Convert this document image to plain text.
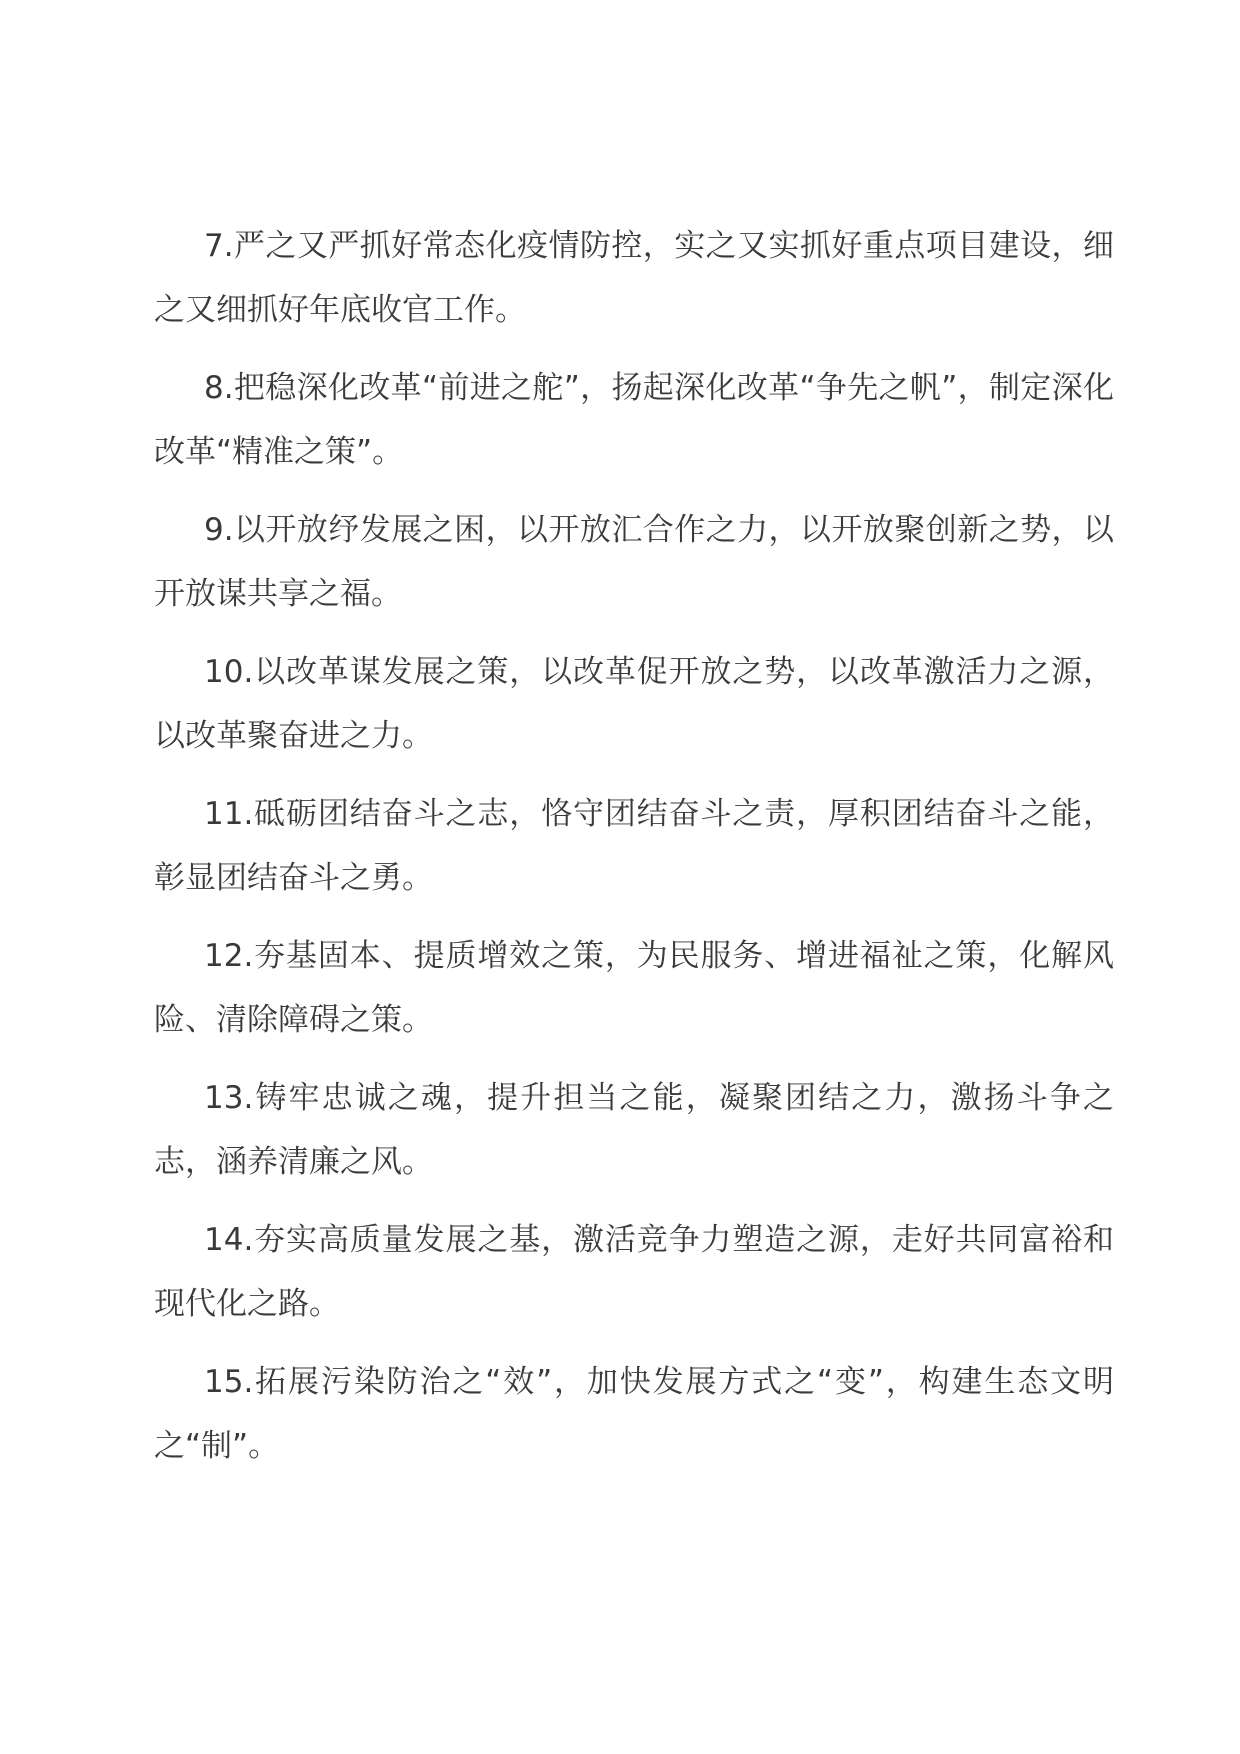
7.严之又严抓好常态化疫情防控，实之又实抓好重点项目建设，细之又细抓好年底收官工作。

8.把稳深化改革“前进之舵”，扬起深化改革“争先之帆”，制定深化改革“精准之策”。

9.以开放纾发展之困，以开放汇合作之力，以开放聚创新之势，以开放谋共享之福。

10.以改革谋发展之策，以改革促开放之势，以改革激活力之源，以改革聚奋进之力。

11.砥砺团结奋斗之志，恪守团结奋斗之责，厚积团结奋斗之能，彰显团结奋斗之勇。

12.夯基固本、提质增效之策，为民服务、增进福祉之策，化解风险、清除障碍之策。

13.铸牢忠诚之魂，提升担当之能，凝聚团结之力，激扬斗争之志，涵养清廉之风。

14.夯实高质量发展之基，激活竞争力塑造之源，走好共同富裕和现代化之路。

15.拓展污染防治之“效”，加快发展方式之“变”，构建生态文明之“制”。
